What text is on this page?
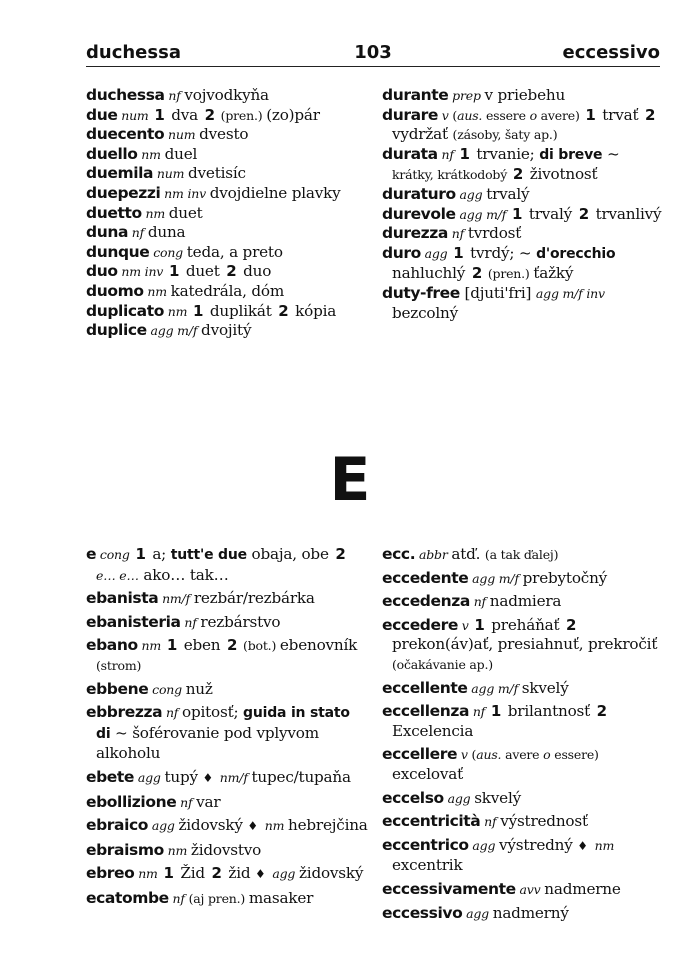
duchessa	103	eccessivo
duchessa nf vojvodkyňa
due num 1 dva 2 (pren.) (zo)pár
duecento num dvesto
duello nm duel
duemila num dvetisíc
duepezzi nm inv dvojdielne plavky
duetto nm duet
duna nf duna
dunque cong teda, a preto
duo nm inv 1 duet 2 duo
duomo nm katedrála, dóm
duplicato nm 1 duplikát 2 kópia
duplice agg m/f dvojitý
durante prep v priebehu
durare v (aus. essere o avere) 1 trvať 2 vydržať (zásoby, šaty ap.)
durata nf 1 trvanie; di breve ~ krátky, krátkodobý 2 životnosť
duraturo agg trvalý
durevole agg m/f 1 trvalý 2 trvanlivý
durezza nf tvrdosť
duro agg 1 tvrdý; ~ d'orecchio nahluchlý 2 (pren.) ťažký
duty-free [djuti'fri] agg m/f inv bezcolný
E
e cong 1 a; tutt'e due obaja, obe 2 e… e… ako… tak…
ebanista nm/f rezbár/rezbárka
ebanisteria nf rezbárstvo
ebano nm 1 eben 2 (bot.) ebenovník (strom)
ebbene cong nuž
ebbrezza nf opitosť; guida in stato di ~ šoférovanie pod vplyvom alkoholu
ebete agg tupý ♦ nm/f tupec/tupaňa
ebollizione nf var
ebraico agg židovský ♦ nm hebrejčina
ebraismo nm židovstvo
ebreo nm 1 Žid 2 žid ♦ agg židovský
ecatombe nf (aj pren.) masaker
ecc. abbr atď. (a tak ďalej)
eccedente agg m/f prebytočný
eccedenza nf nadmiera
eccedere v 1 preháňať 2 prekon(áv)ať, presiahnuť, prekročiť (očakávanie ap.)
eccellente agg m/f skvelý
eccellenza nf 1 brilantnosť 2 Excelencia
eccellere v (aus. avere o essere) excelovať
eccelso agg skvelý
eccentricità nf výstrednosť
eccentrico agg výstredný ♦ nm excentrik
eccessivamente avv nadmerne
eccessivo agg nadmerný
